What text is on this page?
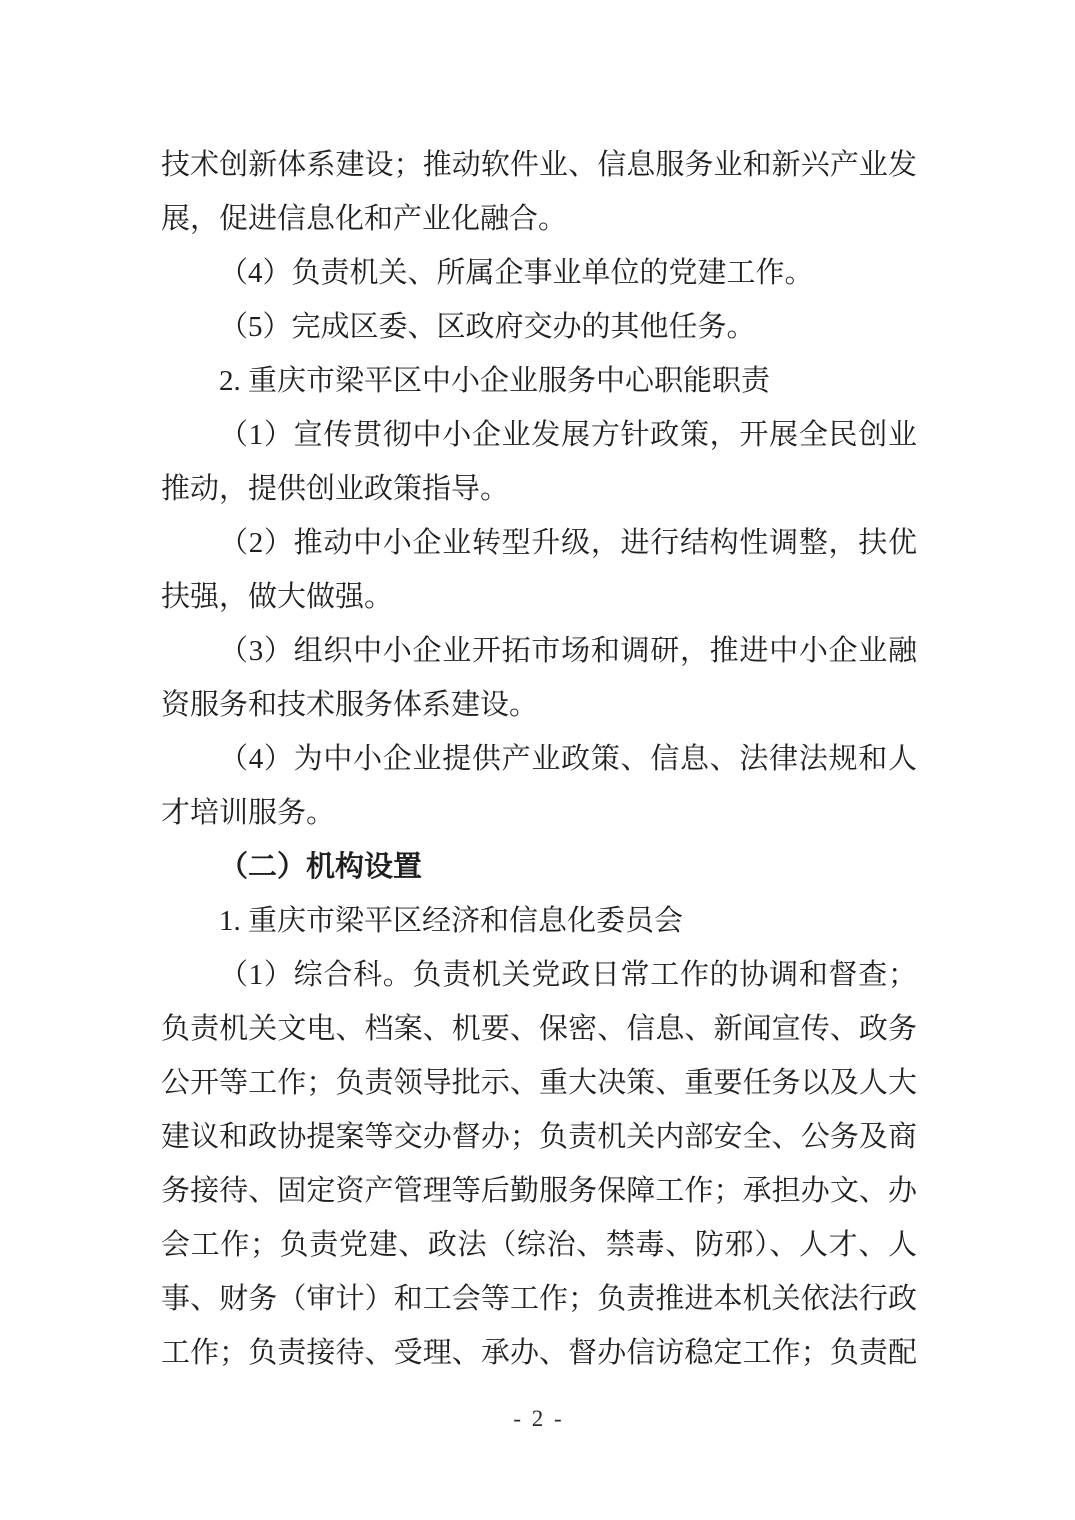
技术创新体系建设；推动软件业、信息服务业和新兴产业发
展，促进信息化和产业化融合。
（4）负责机关、所属企事业单位的党建工作。
（5）完成区委、区政府交办的其他任务。
2. 重庆市梁平区中小企业服务中心职能职责
（1）宣传贯彻中小企业发展方针政策，开展全民创业
推动，提供创业政策指导。
（2）推动中小企业转型升级，进行结构性调整，扶优
扶强，做大做强。
（3）组织中小企业开拓市场和调研，推进中小企业融
资服务和技术服务体系建设。
（4）为中小企业提供产业政策、信息、法律法规和人
才培训服务。
（二）机构设置
1. 重庆市梁平区经济和信息化委员会
（1）综合科。负责机关党政日常工作的协调和督查；
负责机关文电、档案、机要、保密、信息、新闻宣传、政务
公开等工作；负责领导批示、重大决策、重要任务以及人大
建议和政协提案等交办督办；负责机关内部安全、公务及商
务接待、固定资产管理等后勤服务保障工作；承担办文、办
会工作；负责党建、政法（综治、禁毒、防邪）、人才、人
事、财务（审计）和工会等工作；负责推进本机关依法行政
工作；负责接待、受理、承办、督办信访稳定工作；负责配
- 2 -
